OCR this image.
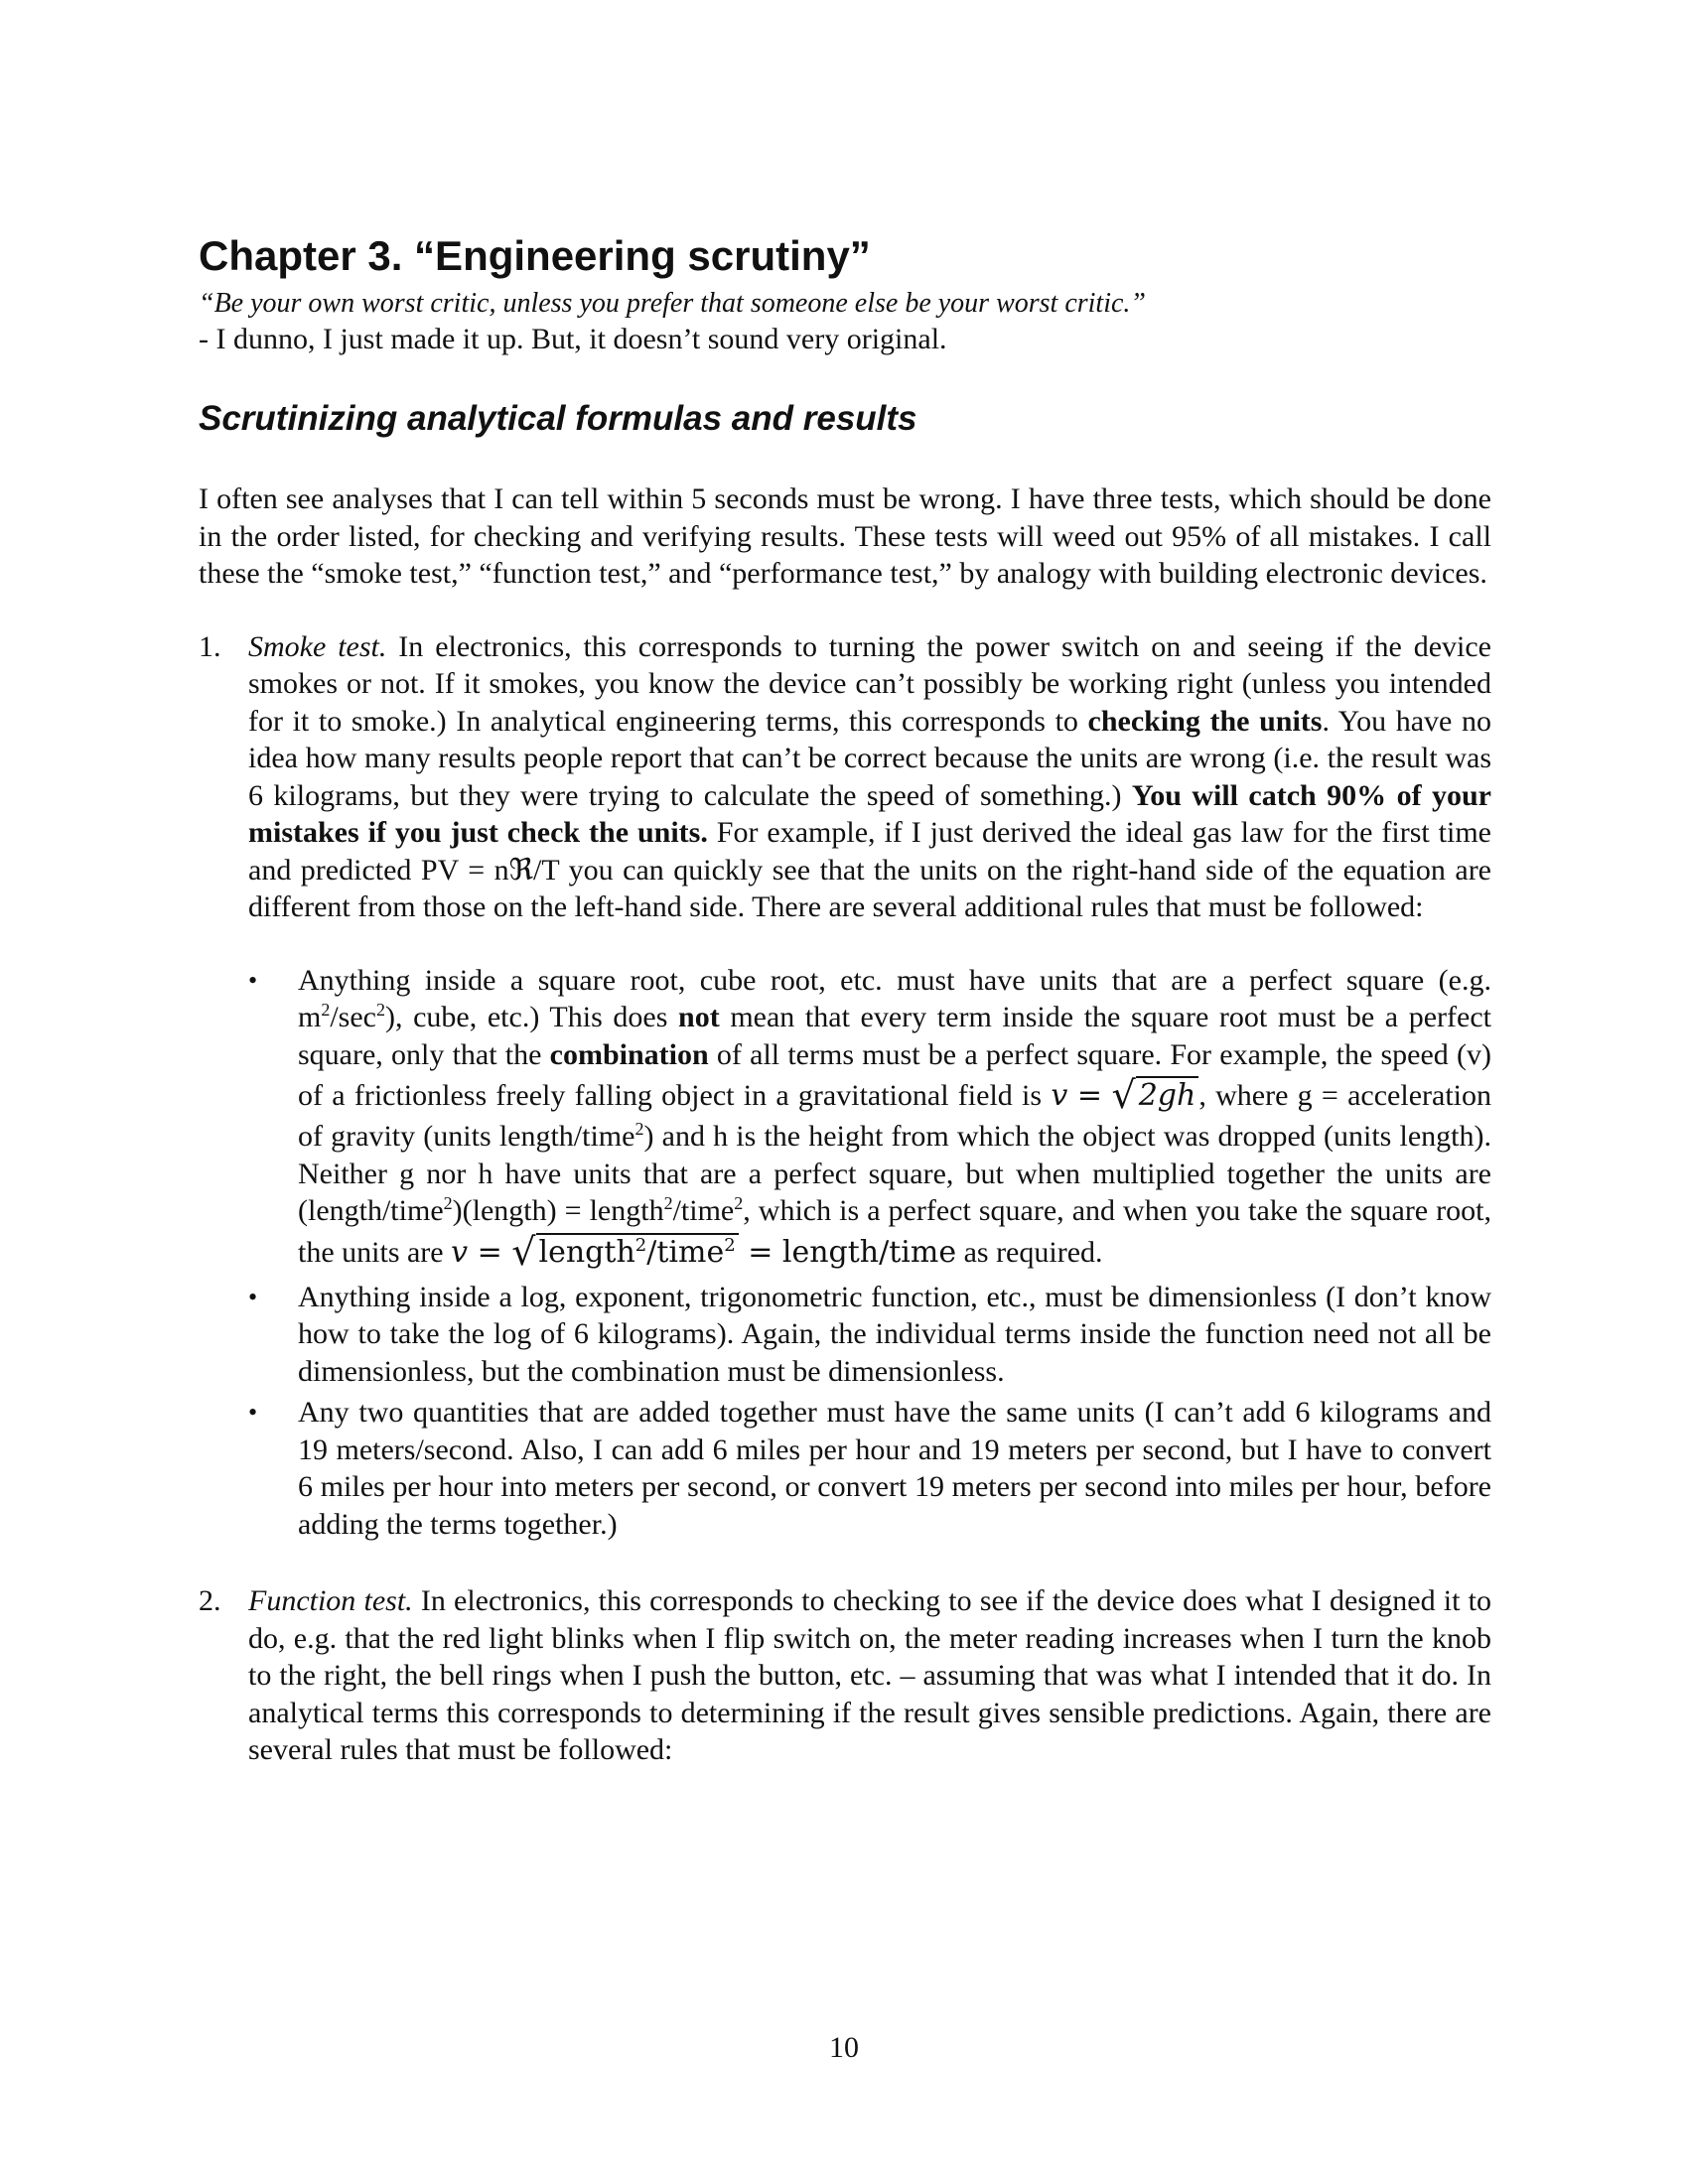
Chapter 3. “Engineering scrutiny”
“Be your own worst critic, unless you prefer that someone else be your worst critic.”
- I dunno, I just made it up. But, it doesn’t sound very original.
Scrutinizing analytical formulas and results

I often see analyses that I can tell within 5 seconds must be wrong. I have three tests, which should be done in the order listed, for checking and verifying results. These tests will weed out 95% of all mistakes. I call these the “smoke test,” “function test,” and “performance test,” by analogy with building electronic devices.

1. Smoke test. In electronics, this corresponds to turning the power switch on and seeing if the device smokes or not. If it smokes, you know the device can’t possibly be working right (unless you intended for it to smoke.) In analytical engineering terms, this corresponds to checking the units. You have no idea how many results people report that can’t be correct because the units are wrong (i.e. the result was 6 kilograms, but they were trying to calculate the speed of something.) You will catch 90% of your mistakes if you just check the units. For example, if I just derived the ideal gas law for the first time and predicted PV = nℜ/T you can quickly see that the units on the right-hand side of the equation are different from those on the left-hand side. There are several additional rules that must be followed:
• Anything inside a square root, cube root, etc. must have units that are a perfect square (e.g. $m^2/\sec^2$), cube, etc.) This does not mean that every term inside the square root must be a perfect square, only that the combination of all terms must be a perfect square. For example, the speed (v) of a frictionless freely falling object in a gravitational field is v = √ 2gh , where g = acceleration of gravity (units length/time$^2$) and h is the height from which the object was dropped (units length). Neither g nor h have units that are a perfect square, but when multiplied together the units are (length/time$^2$)(length) = length$^2$/time$^2$, which is a perfect square, and when you take the square root, the units are v = √ length$^2$/time$^2$ = length/time as required.
• Anything inside a log, exponent, trigonometric function, etc., must be dimensionless (I don’t know how to take the log of 6 kilograms). Again, the individual terms inside the function need not all be dimensionless, but the combination must be dimensionless.
• Any two quantities that are added together must have the same units (I can’t add 6 kilograms and 19 meters/second. Also, I can add 6 miles per hour and 19 meters per second, but I have to convert 6 miles per hour into meters per second, or convert 19 meters per second into miles per hour, before adding the terms together.)
2. Function test. In electronics, this corresponds to checking to see if the device does what I designed it to do, e.g. that the red light blinks when I flip switch on, the meter reading increases when I turn the knob to the right, the bell rings when I push the button, etc. – assuming that was what I intended that it do. In analytical terms this corresponds to determining if the result gives sensible predictions. Again, there are several rules that must be followed:
10
